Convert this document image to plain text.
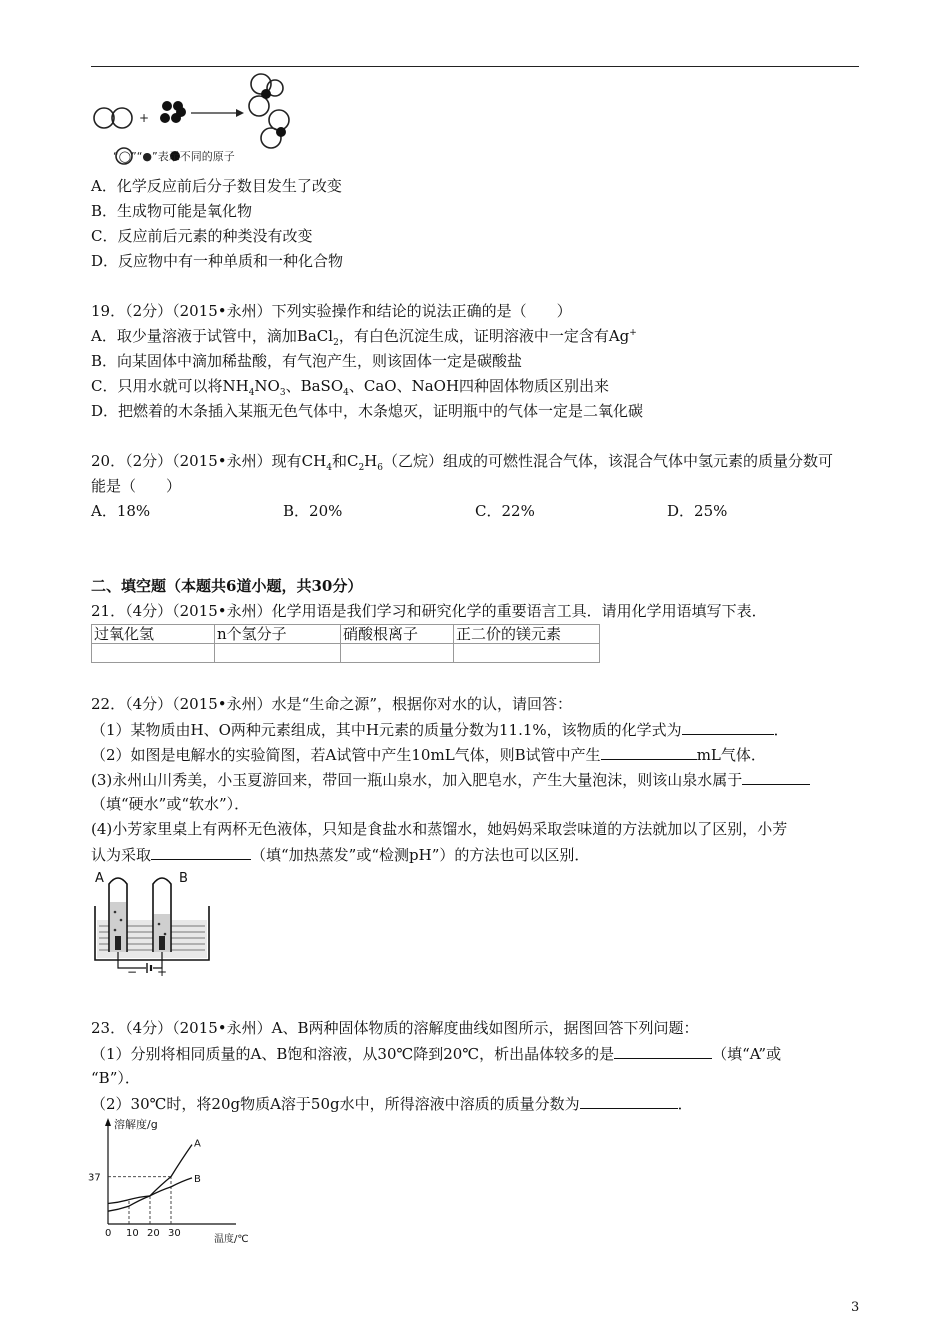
+
“◯”“●”表示不同的原子
A．化学反应前后分子数目发生了改变
B．生成物可能是氧化物
C．反应前后元素的种类没有改变
D．反应物中有一种单质和一种化合物
19．（2分）（2015•永州）下列实验操作和结论的说法正确的是（　　）
A．取少量溶液于试管中，滴加BaCl$_2$，有白色沉淀生成，证明溶液中一定含有Ag+
B．向某固体中滴加稀盐酸，有气泡产生，则该固体一定是碳酸盐
C．只用水就可以将$NH_4NO_3$、BaSO$_4$、CaO、NaOH四种固体物质区别出来
D．把燃着的木条插入某瓶无色气体中，木条熄灭，证明瓶中的气体一定是二氧化碳
20．（2分）（2015•永州）现有$CH_4$和$C_2H_6$（乙烷）组成的可燃性混合气体，该混合气体中氢元素的质量分数可
能是（　　）
A．18%	B．20%	C．22%	D．25%
二、填空题（本题共6道小题，共30分）
21．（4分）（2015•永州）化学用语是我们学习和研究化学的重要语言工具．请用化学用语填写下表．
过氧化氢	n个氢分子	硝酸根离子	正二价的镁元素

22．（4分）（2015•永州）水是“生命之源”，根据你对水的认，请回答：
（1）某物质由H、O两种元素组成，其中H元素的质量分数为11.1%，该物质的化学式为	．
（2）如图是电解水的实验简图，若A试管中产生10mL气体，则B试管中产生	mL气体．
(3)永州山川秀美，小玉夏游回来，带回一瓶山泉水，加入肥皂水，产生大量泡沫，则该山泉水属于
（填“硬水”或“软水”）．
(4)小芳家里桌上有两杯无色液体，只知是食盐水和蒸馏水，她妈妈采取尝味道的方法就加以了区别，小芳
认为采取	（填“加热蒸发”或“检测pH”）的方法也可以区别．
A	B
− +
23．（4分）（2015•永州）A、B两种固体物质的溶解度曲线如图所示，据图回答下列问题：
（1）分别将相同质量的A、B饱和溶液，从30℃降到20℃，析出晶体较多的是	（填“A”或
“B”）．
（2）30℃时，将20g物质A溶于50g水中，所得溶液中溶质的质量分数为	．
溶解度/g
温度/℃
0 10 20 30
37
A
B
3
